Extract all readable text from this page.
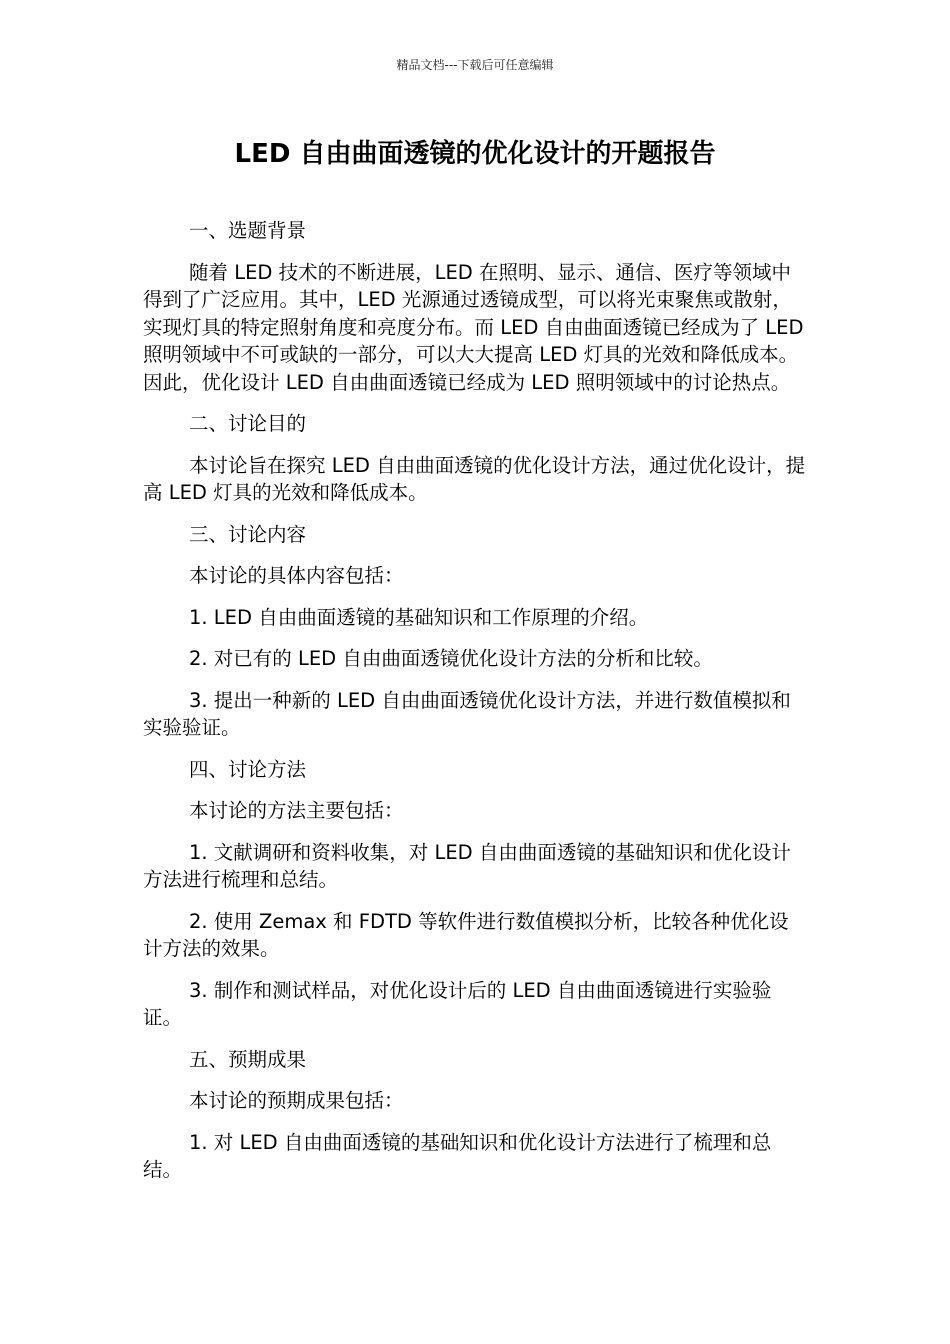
精品文档---下载后可任意编辑
LED 自由曲面透镜的优化设计的开题报告

一、选题背景

随着 LED 技术的不断进展，LED 在照明、显示、通信、医疗等领域中得到了广泛应用。其中，LED 光源通过透镜成型，可以将光束聚焦或散射，实现灯具的特定照射角度和亮度分布。而 LED 自由曲面透镜已经成为了 LED 照明领域中不可或缺的一部分，可以大大提高 LED 灯具的光效和降低成本。因此，优化设计 LED 自由曲面透镜已经成为 LED 照明领域中的讨论热点。

二、讨论目的

本讨论旨在探究 LED 自由曲面透镜的优化设计方法，通过优化设计，提高 LED 灯具的光效和降低成本。

三、讨论内容

本讨论的具体内容包括：

1. LED 自由曲面透镜的基础知识和工作原理的介绍。

2. 对已有的 LED 自由曲面透镜优化设计方法的分析和比较。

3. 提出一种新的 LED 自由曲面透镜优化设计方法，并进行数值模拟和实验验证。

四、讨论方法

本讨论的方法主要包括：

1. 文献调研和资料收集，对 LED 自由曲面透镜的基础知识和优化设计方法进行梳理和总结。

2. 使用 Zemax 和 FDTD 等软件进行数值模拟分析，比较各种优化设计方法的效果。

3. 制作和测试样品，对优化设计后的 LED 自由曲面透镜进行实验验证。

五、预期成果

本讨论的预期成果包括：

1. 对 LED 自由曲面透镜的基础知识和优化设计方法进行了梳理和总结。
